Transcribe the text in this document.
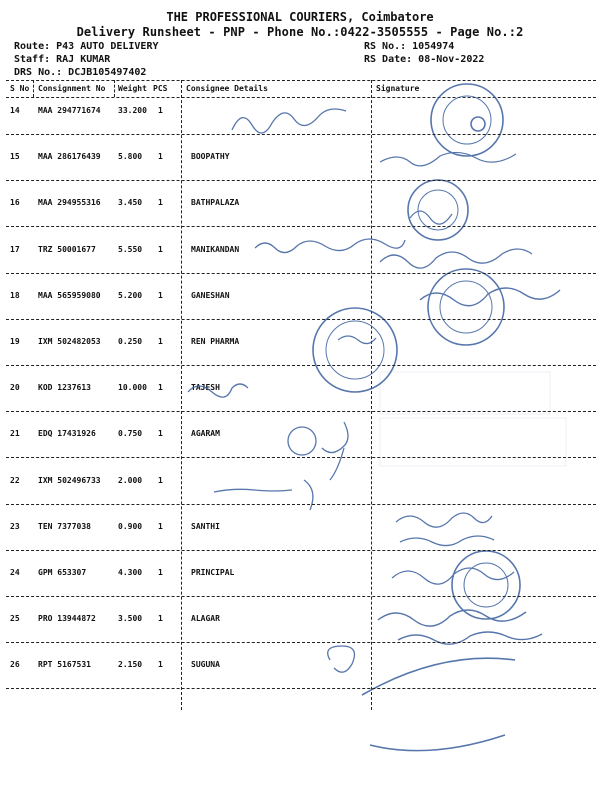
THE PROFESSIONAL COURIERS, Coimbatore
Delivery Runsheet - PNP - Phone No.:0422-3505555 - Page No.:2
Route: P43 AUTO DELIVERY
Staff: RAJ KUMAR
DRS No.: DCJB105497402
RS No.: 1054974
RS Date: 08-Nov-2022
S No Consignment No Weight PCS Consignee Details	Signature
14 MAA 294771674 33.200 1
15 MAA 286176439 5.800 1	BOOPATHY
16 MAA 294955316 3.450 1	BATHPALAZA
17 TRZ 50001677	5.550 1	MANIKANDAN
18 MAA 565959080 5.200 1	GANESHAN
19 IXM 502482053 0.250 1	REN PHARMA
20 KOD 1237613	10.000 1	TAJESH
21 EDQ 17431926	0.750 1	AGARAM
22 IXM 502496733 2.000 1
23 TEN 7377038	0.900 1	SANTHI
24 GPM 653307	4.300 1	PRINCIPAL
25 PRO 13944872	3.500 1	ALAGAR
26 RPT 5167531	2.150 1	SUGUNA
